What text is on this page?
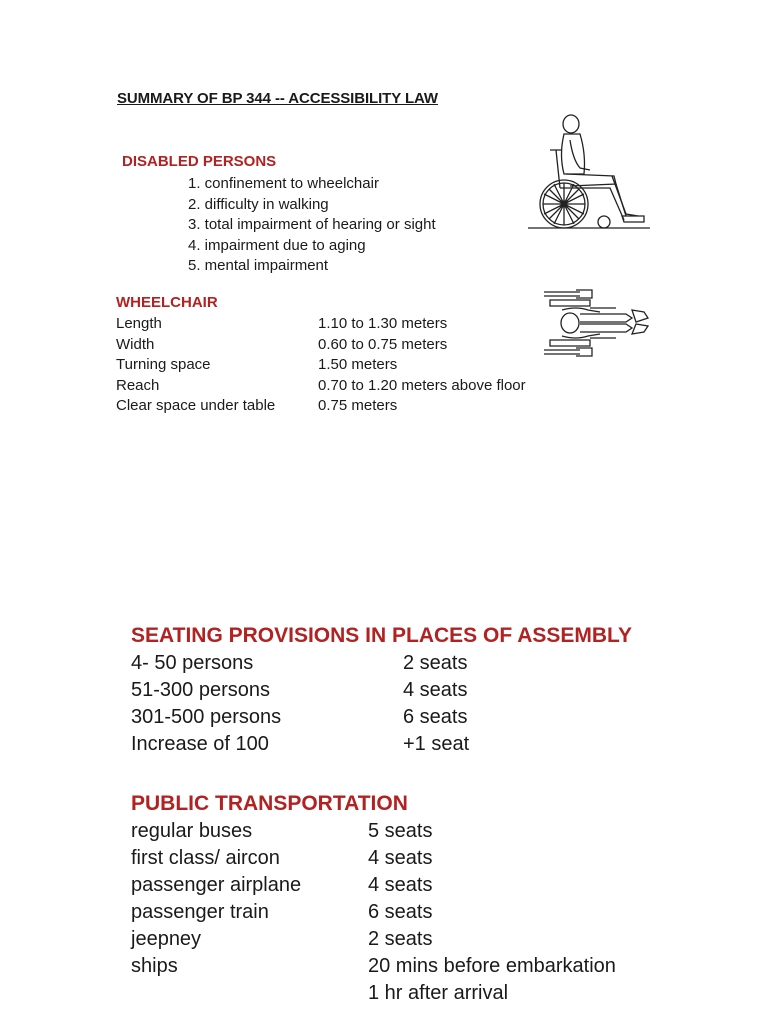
SUMMARY OF BP 344 -- ACCESSIBILITY LAW
DISABLED PERSONS
1. confinement to wheelchair
2. difficulty in walking
3. total impairment of hearing or sight
4. impairment due to aging
5. mental impairment
WHEELCHAIR
Length
Width
Turning space
Reach
Clear space under table
1.10 to 1.30 meters
0.60 to 0.75 meters
1.50 meters
0.70 to 1.20 meters above floor
0.75 meters
SEATING PROVISIONS IN PLACES OF ASSEMBLY
4- 50 persons
51-300 persons
301-500 persons
Increase of 100
2 seats
4 seats
6 seats
+1 seat
PUBLIC TRANSPORTATION
regular buses
first class/ aircon
passenger airplane
passenger train
jeepney
ships
5 seats
4 seats
4 seats
6 seats
2 seats
20 mins before embarkation
1 hr after arrival
